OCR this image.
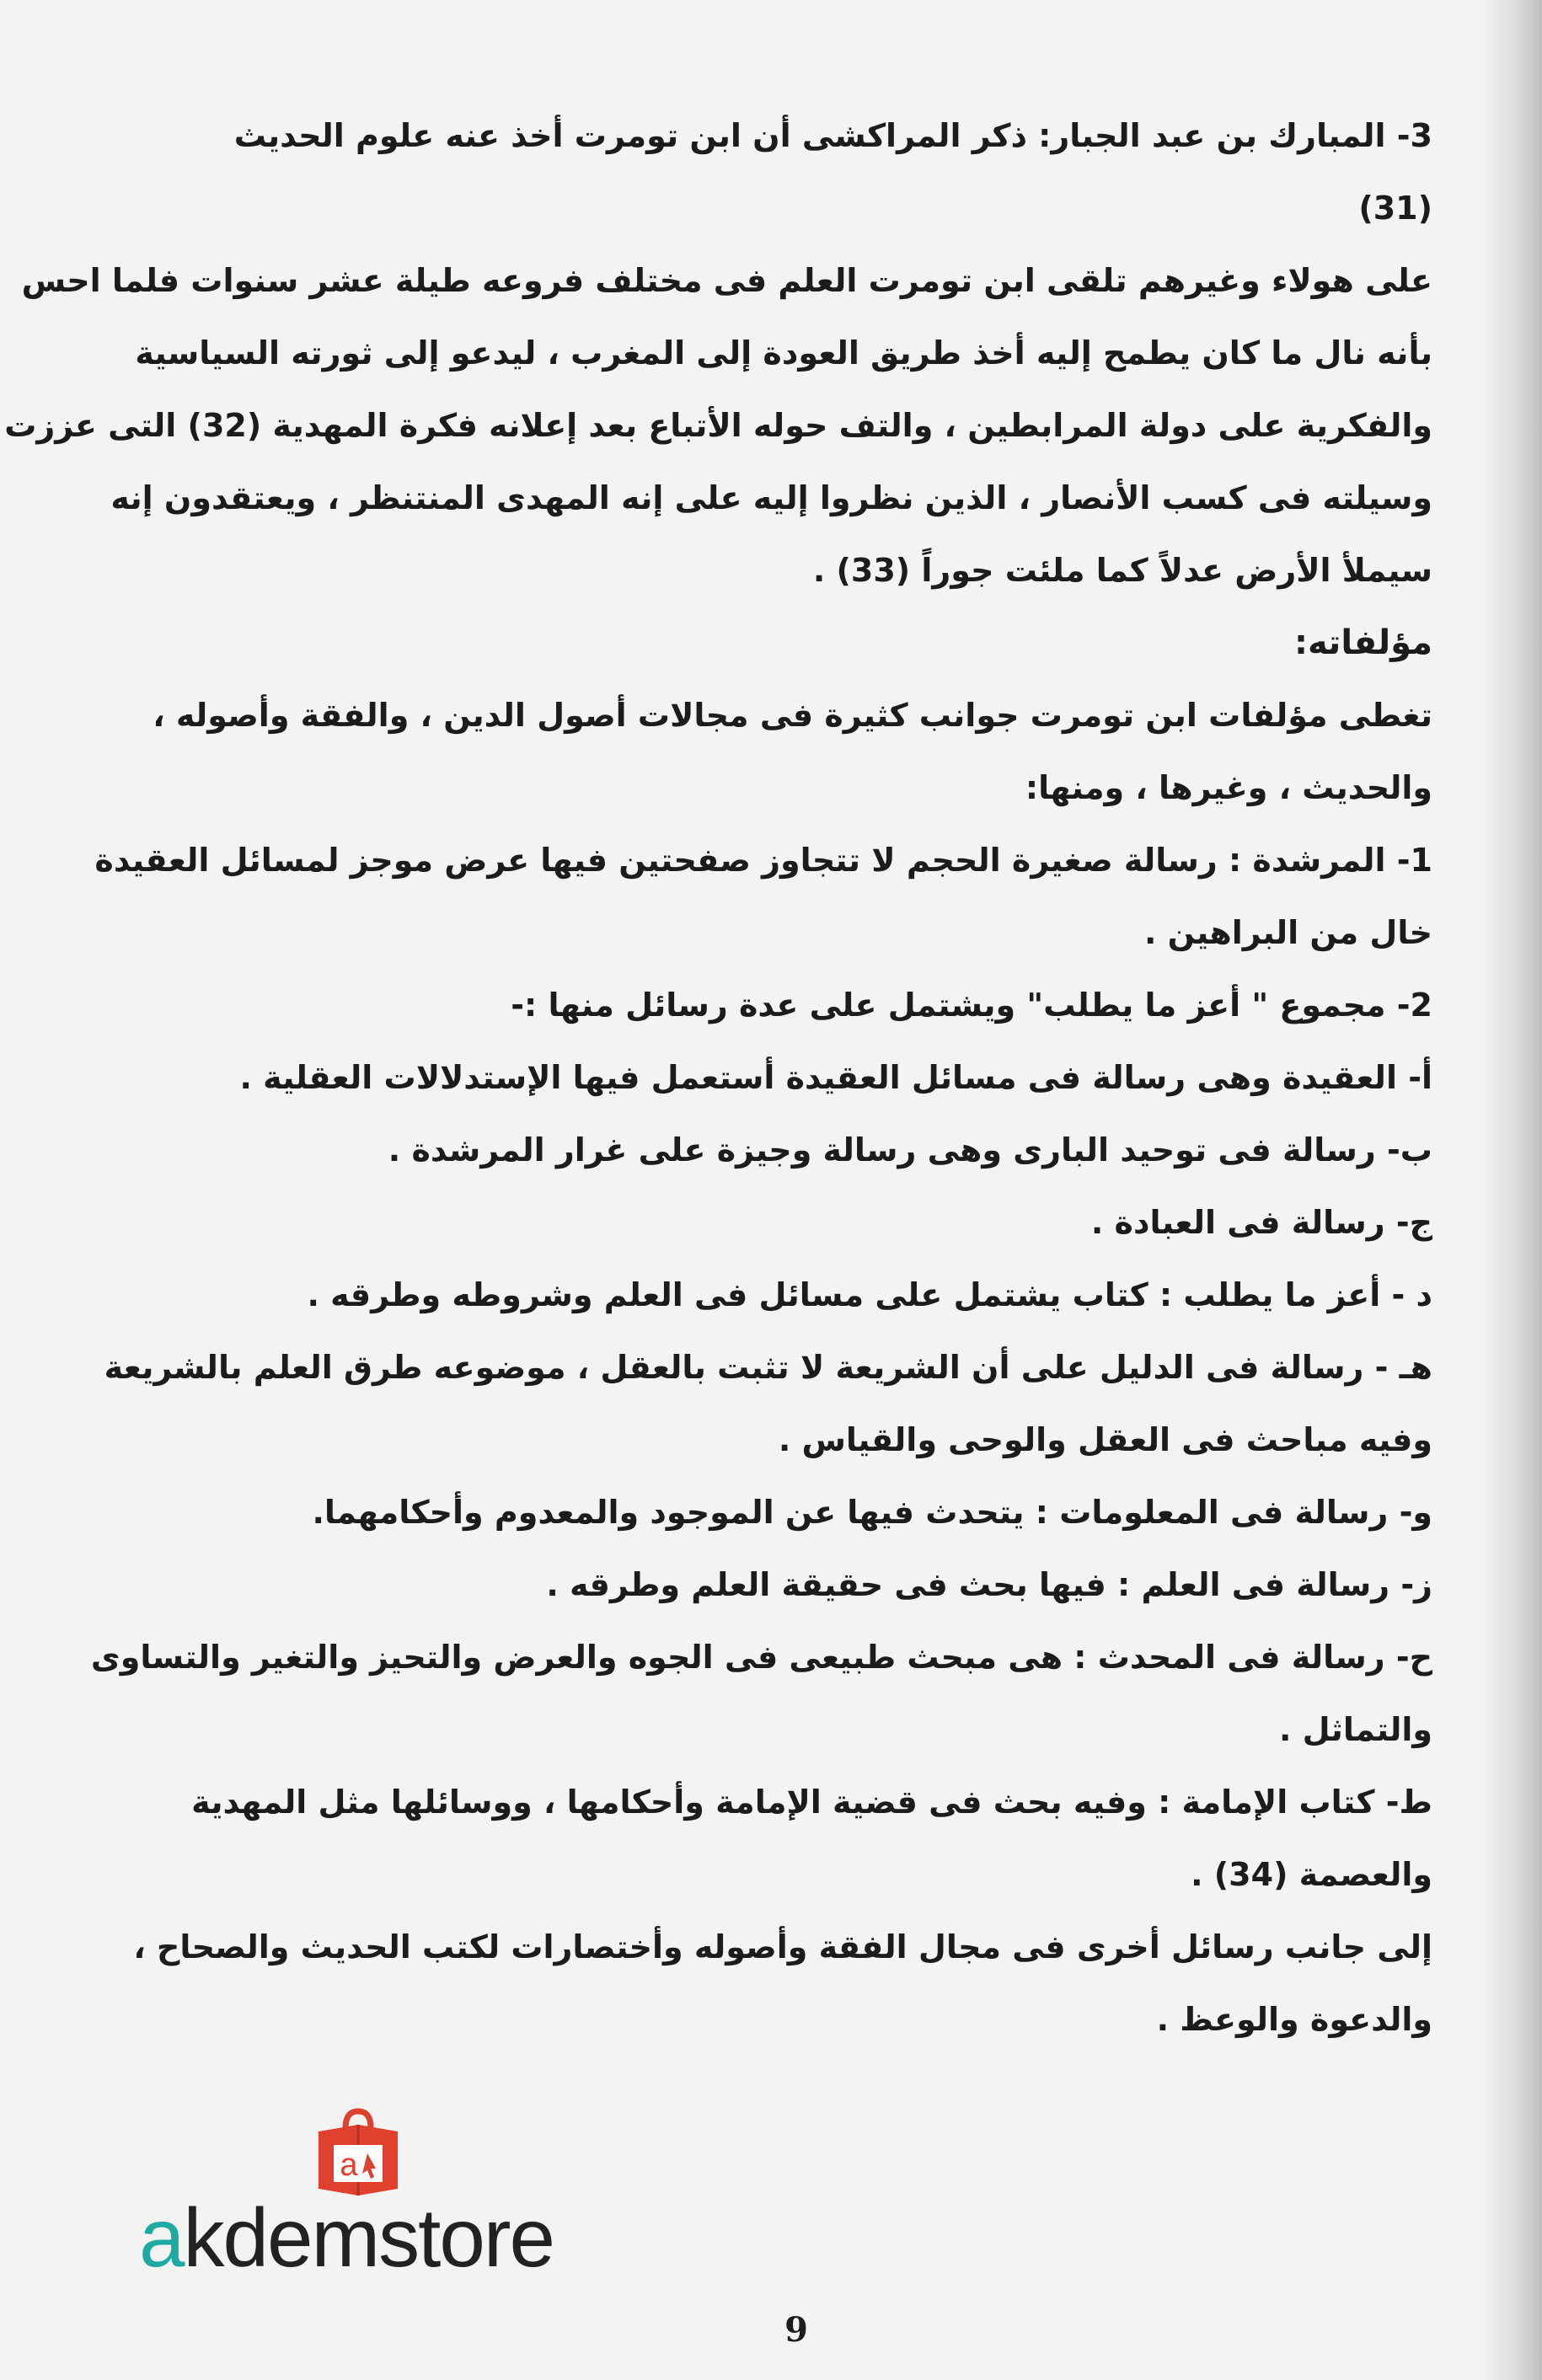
3- المبارك بن عبد الجبار: ذكر المراكشى أن ابن تومرت أخذ عنه علوم الحديث
(31)
على هولاء وغيرهم تلقى ابن تومرت العلم فى مختلف فروعه طيلة عشر سنوات فلما احس
بأنه نال ما كان يطمح إليه أخذ طريق العودة إلى المغرب ، ليدعو إلى ثورته السياسية
والفكرية على دولة المرابطين ، والتف حوله الأتباع بعد إعلانه فكرة المهدية (32) التى عززت
وسيلته فى كسب الأنصار ، الذين نظروا إليه على إنه المهدى المنتنظر ، ويعتقدون إنه
سيملأ الأرض عدلاً كما ملئت جوراً (33) .
مؤلفاته:
تغطى مؤلفات ابن تومرت جوانب كثيرة فى مجالات أصول الدين ، والفقة وأصوله ،
والحديث ، وغيرها ، ومنها:
1- المرشدة : رسالة صغيرة الحجم لا تتجاوز صفحتين فيها عرض موجز لمسائل العقيدة
خال من البراهين .
2- مجموع " أعز ما يطلب" ويشتمل على عدة رسائل منها :-
أ- العقيدة وهى رسالة فى مسائل العقيدة أستعمل فيها الإستدلالات العقلية .
ب- رسالة فى توحيد البارى وهى رسالة وجيزة على غرار المرشدة .
ج- رسالة فى العبادة .
د - أعز ما يطلب : كتاب يشتمل على مسائل فى العلم وشروطه وطرقه .
هـ - رسالة فى الدليل على أن الشريعة لا تثبت بالعقل ، موضوعه طرق العلم بالشريعة
وفيه مباحث فى العقل والوحى والقياس .
و- رسالة فى المعلومات : يتحدث فيها عن الموجود والمعدوم وأحكامهما.
ز- رسالة فى العلم : فيها بحث فى حقيقة العلم وطرقه .
ح- رسالة فى المحدث : هى مبحث طبيعى فى الجوه والعرض والتحيز والتغير والتساوى
والتماثل .
ط- كتاب الإمامة : وفيه بحث فى قضية الإمامة وأحكامها ، ووسائلها مثل المهدية
والعصمة (34) .
إلى جانب رسائل أخرى فى مجال الفقة وأصوله وأختصارات لكتب الحديث والصحاح ،
والدعوة والوعظ .
a
akdemstore
9
